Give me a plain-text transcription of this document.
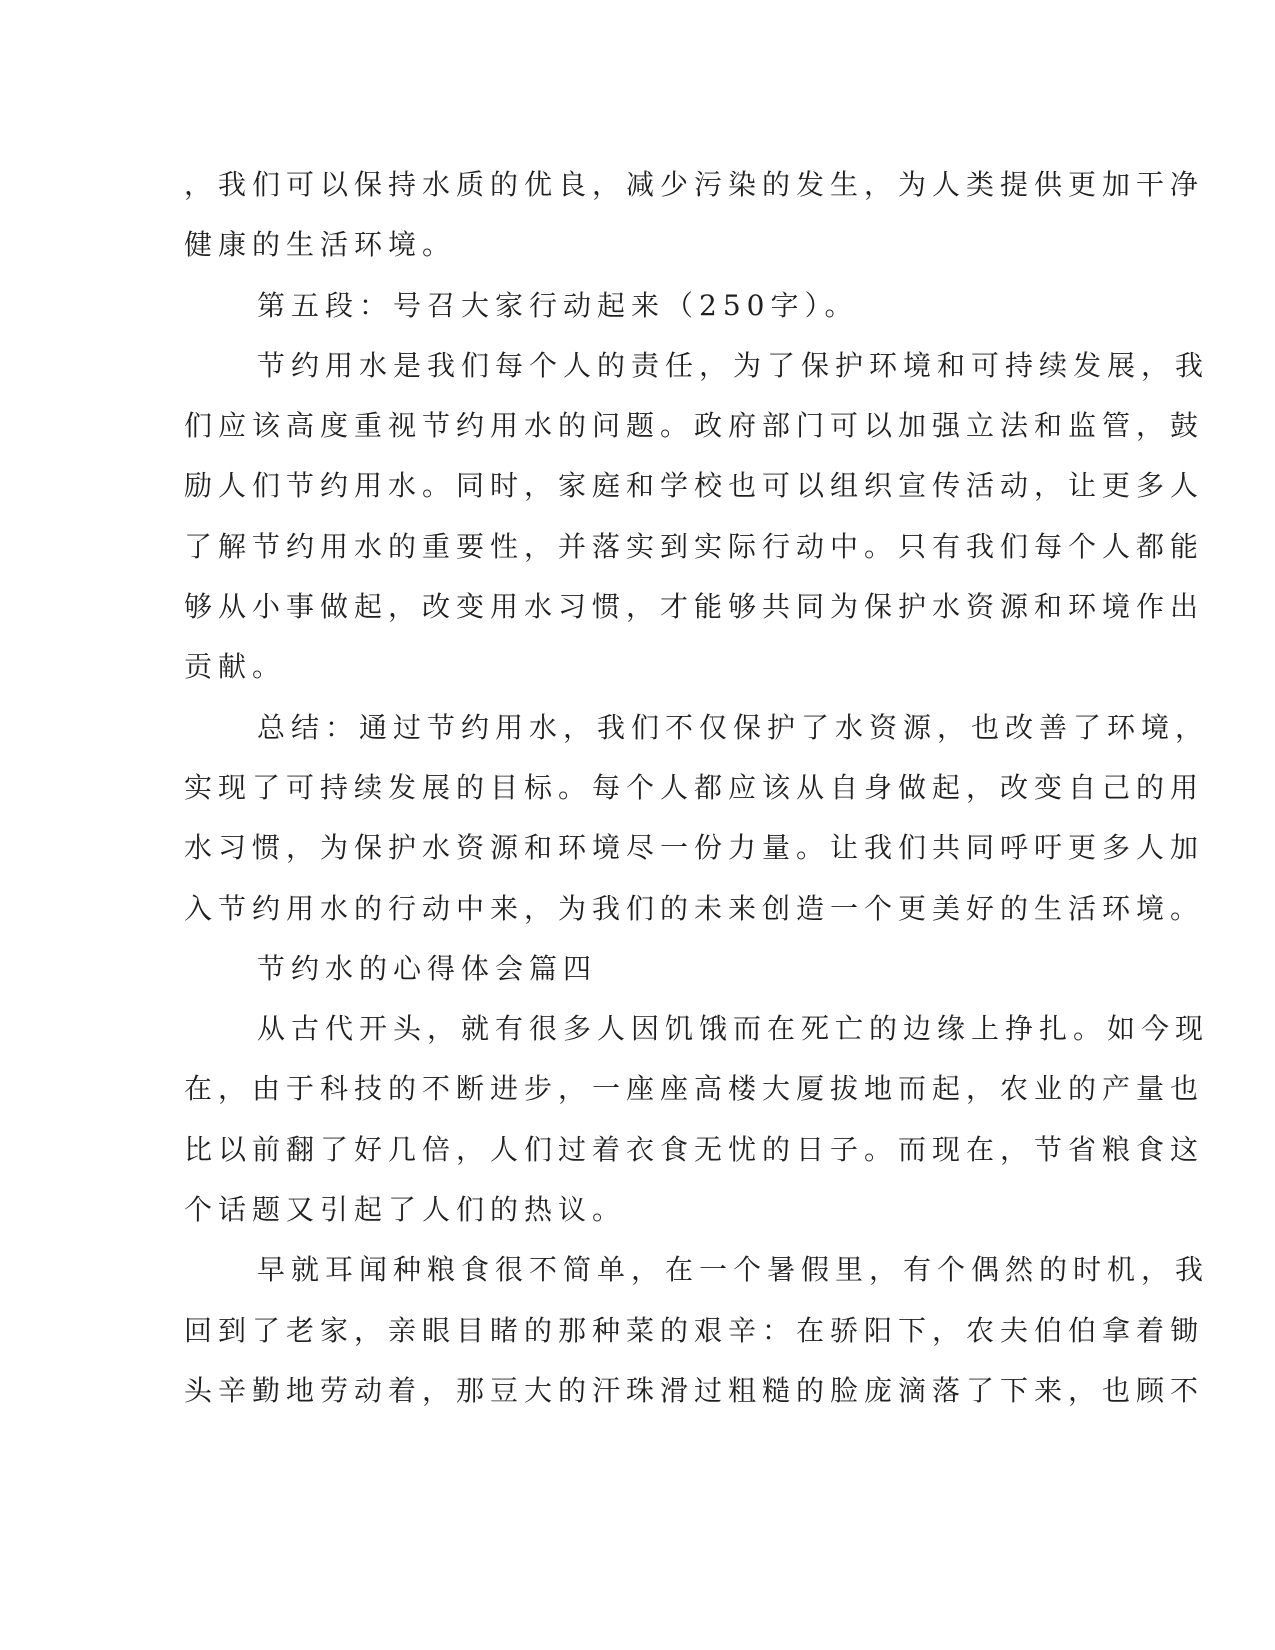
，我们可以保持水质的优良，减少污染的发生，为人类提供更加干净
健康的生活环境。
第五段：号召大家行动起来（250字）。
节约用水是我们每个人的责任，为了保护环境和可持续发展，我
们应该高度重视节约用水的问题。政府部门可以加强立法和监管，鼓
励人们节约用水。同时，家庭和学校也可以组织宣传活动，让更多人
了解节约用水的重要性，并落实到实际行动中。只有我们每个人都能
够从小事做起，改变用水习惯，才能够共同为保护水资源和环境作出
贡献。
总结：通过节约用水，我们不仅保护了水资源，也改善了环境，
实现了可持续发展的目标。每个人都应该从自身做起，改变自己的用
水习惯，为保护水资源和环境尽一份力量。让我们共同呼吁更多人加
入节约用水的行动中来，为我们的未来创造一个更美好的生活环境。
节约水的心得体会篇四
从古代开头，就有很多人因饥饿而在死亡的边缘上挣扎。如今现
在，由于科技的不断进步，一座座高楼大厦拔地而起，农业的产量也
比以前翻了好几倍，人们过着衣食无忧的日子。而现在，节省粮食这
个话题又引起了人们的热议。
早就耳闻种粮食很不简单，在一个暑假里，有个偶然的时机，我
回到了老家，亲眼目睹的那种菜的艰辛：在骄阳下，农夫伯伯拿着锄
头辛勤地劳动着，那豆大的汗珠滑过粗糙的脸庞滴落了下来，也顾不
